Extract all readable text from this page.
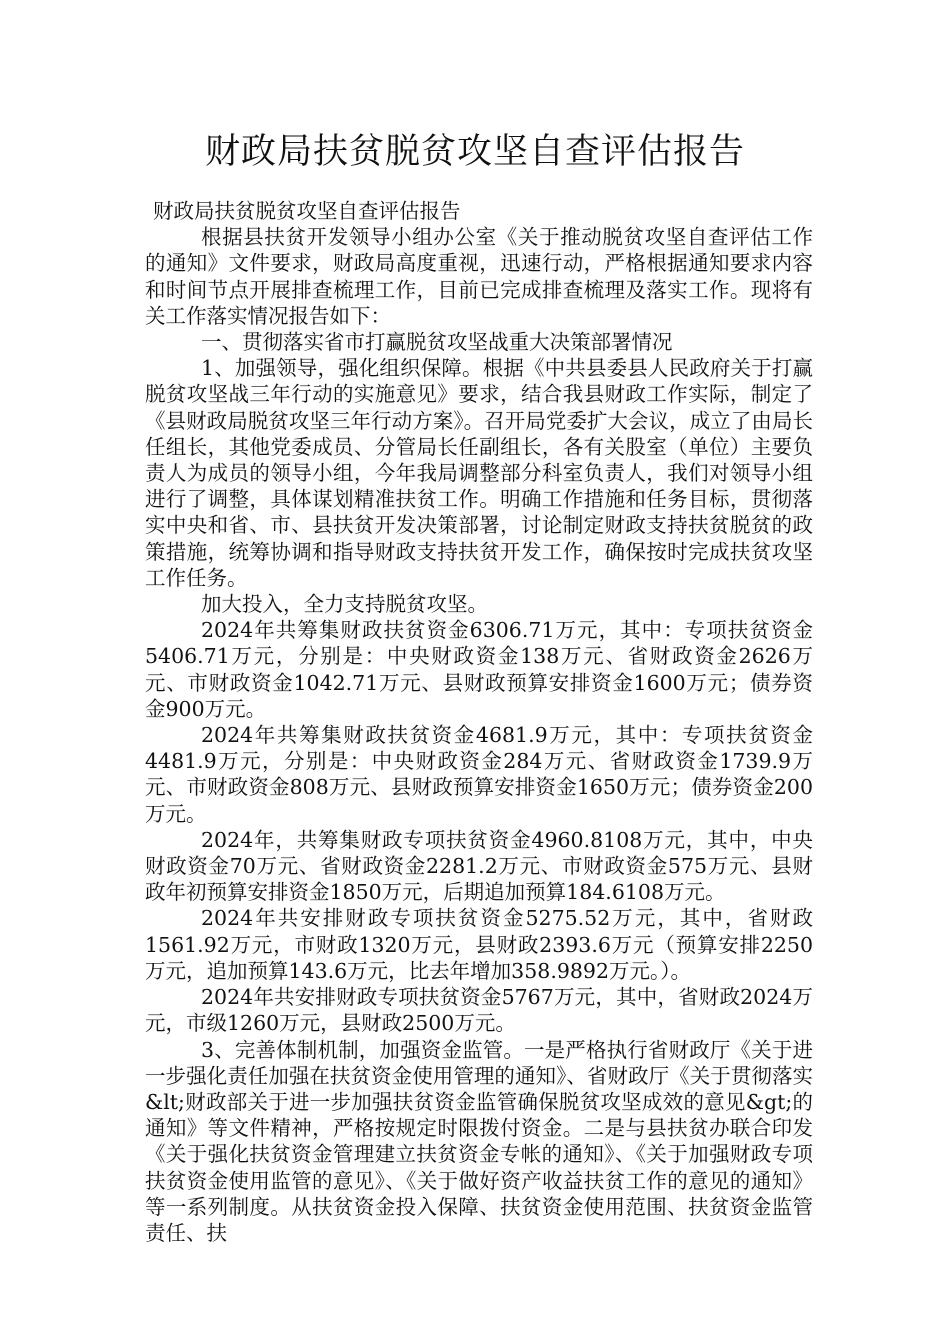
财政局扶贫脱贫攻坚自查评估报告

财政局扶贫脱贫攻坚自查评估报告

根据县扶贫开发领导小组办公室《关于推动脱贫攻坚自查评估工作的通知》文件要求，财政局高度重视，迅速行动，严格根据通知要求内容和时间节点开展排查梳理工作，目前已完成排查梳理及落实工作。现将有关工作落实情况报告如下：

一、贯彻落实省市打赢脱贫攻坚战重大决策部署情况

1、加强领导，强化组织保障。根据《中共县委县人民政府关于打赢脱贫攻坚战三年行动的实施意见》要求，结合我县财政工作实际，制定了《县财政局脱贫攻坚三年行动方案》。召开局党委扩大会议，成立了由局长任组长，其他党委成员、分管局长任副组长，各有关股室（单位）主要负责人为成员的领导小组，今年我局调整部分科室负责人，我们对领导小组进行了调整，具体谋划精准扶贫工作。明确工作措施和任务目标，贯彻落实中央和省、市、县扶贫开发决策部署，讨论制定财政支持扶贫脱贫的政策措施，统筹协调和指导财政支持扶贫开发工作，确保按时完成扶贫攻坚工作任务。

加大投入，全力支持脱贫攻坚。

2024年共筹集财政扶贫资金6306.71万元，其中：专项扶贫资金5406.71万元，分别是：中央财政资金138万元、省财政资金2626万元、市财政资金1042.71万元、县财政预算安排资金1600万元；债券资金900万元。

2024年共筹集财政扶贫资金4681.9万元，其中：专项扶贫资金4481.9万元，分别是：中央财政资金284万元、省财政资金1739.9万元、市财政资金808万元、县财政预算安排资金1650万元；债券资金200万元。

2024年，共筹集财政专项扶贫资金4960.8108万元，其中，中央财政资金70万元、省财政资金2281.2万元、市财政资金575万元、县财政年初预算安排资金1850万元，后期追加预算184.6108万元。

2024年共安排财政专项扶贫资金5275.52万元，其中，省财政1561.92万元，市财政1320万元，县财政2393.6万元（预算安排2250万元，追加预算143.6万元，比去年增加358.9892万元。）。

2024年共安排财政专项扶贫资金5767万元，其中，省财政2024万元，市级1260万元，县财政2500万元。

3、完善体制机制，加强资金监管。一是严格执行省财政厅《关于进一步强化责任加强在扶贫资金使用管理的通知》、省财政厅《关于贯彻落实&lt;财政部关于进一步加强扶贫资金监管确保脱贫攻坚成效的意见&gt;的通知》等文件精神，严格按规定时限拨付资金。二是与县扶贫办联合印发《关于强化扶贫资金管理建立扶贫资金专帐的通知》、《关于加强财政专项扶贫资金使用监管的意见》、《关于做好资产收益扶贫工作的意见的通知》等一系列制度。从扶贫资金投入保障、扶贫资金使用范围、扶贫资金监管责任、扶
